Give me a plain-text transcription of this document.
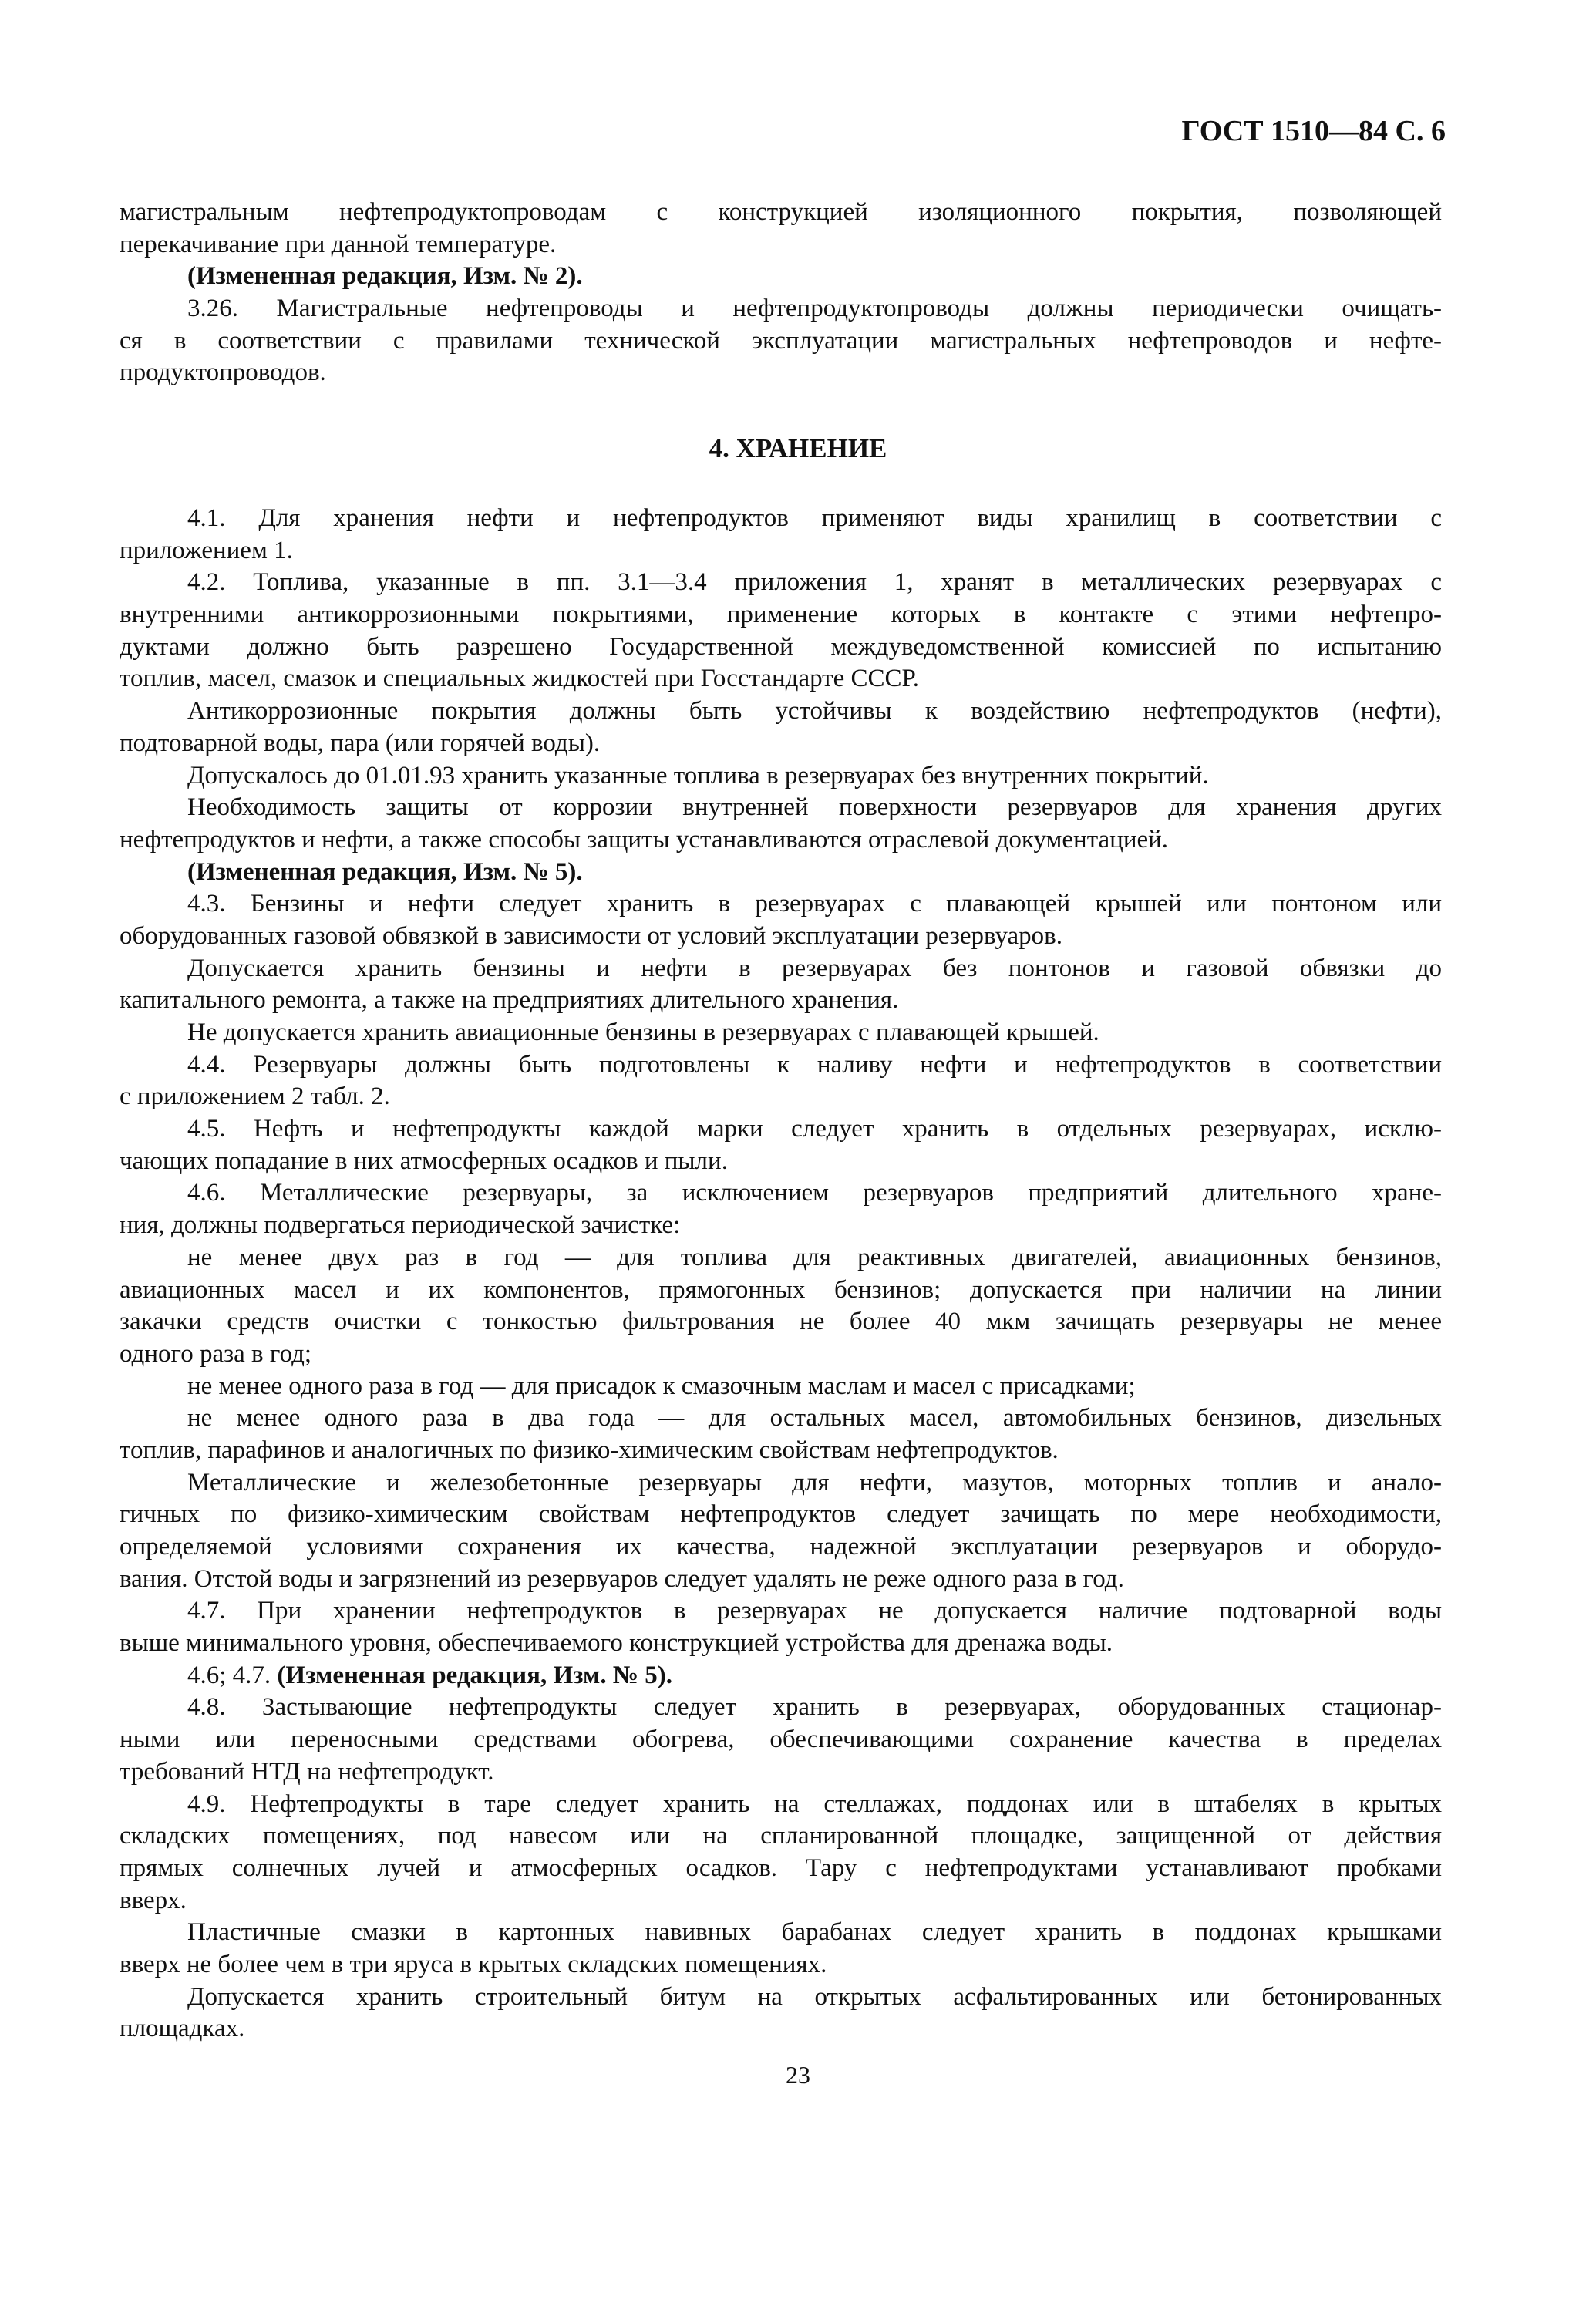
ГОСТ 1510—84 С. 6
магистральным нефтепродуктопроводам с конструкцией изоляционного покрытия, позволяющей
перекачивание при данной температуре.
(Измененная редакция, Изм. № 2).
3.26. Магистральные нефтепроводы и нефтепродуктопроводы должны периодически очищать-
ся в соответствии с правилами технической эксплуатации магистральных нефтепроводов и нефте-
продуктопроводов.
4. ХРАНЕНИЕ
4.1. Для хранения нефти и нефтепродуктов применяют виды хранилищ в соответствии с
приложением 1.
4.2. Топлива, указанные в пп. 3.1—3.4 приложения 1, хранят в металлических резервуарах с
внутренними антикоррозионными покрытиями, применение которых в контакте с этими нефтепро-
дуктами должно быть разрешено Государственной междуведомственной комиссией по испытанию
топлив, масел, смазок и специальных жидкостей при Госстандарте СССР.
Антикоррозионные покрытия должны быть устойчивы к воздействию нефтепродуктов (нефти),
подтоварной воды, пара (или горячей воды).
Допускалось до 01.01.93 хранить указанные топлива в резервуарах без внутренних покрытий.
Необходимость защиты от коррозии внутренней поверхности резервуаров для хранения других
нефтепродуктов и нефти, а также способы защиты устанавливаются отраслевой документацией.
(Измененная редакция, Изм. № 5).
4.3. Бензины и нефти следует хранить в резервуарах с плавающей крышей или понтоном или
оборудованных газовой обвязкой в зависимости от условий эксплуатации резервуаров.
Допускается хранить бензины и нефти в резервуарах без понтонов и газовой обвязки до
капитального ремонта, а также на предприятиях длительного хранения.
Не допускается хранить авиационные бензины в резервуарах с плавающей крышей.
4.4. Резервуары должны быть подготовлены к наливу нефти и нефтепродуктов в соответствии
с приложением 2 табл. 2.
4.5. Нефть и нефтепродукты каждой марки следует хранить в отдельных резервуарах, исклю-
чающих попадание в них атмосферных осадков и пыли.
4.6. Металлические резервуары, за исключением резервуаров предприятий длительного хране-
ния, должны подвергаться периодической зачистке:
не менее двух раз в год — для топлива для реактивных двигателей, авиационных бензинов,
авиационных масел и их компонентов, прямогонных бензинов; допускается при наличии на линии
закачки средств очистки с тонкостью фильтрования не более 40 мкм зачищать резервуары не менее
одного раза в год;
не менее одного раза в год — для присадок к смазочным маслам и масел с присадками;
не менее одного раза в два года — для остальных масел, автомобильных бензинов, дизельных
топлив, парафинов и аналогичных по физико-химическим свойствам нефтепродуктов.
Металлические и железобетонные резервуары для нефти, мазутов, моторных топлив и анало-
гичных по физико-химическим свойствам нефтепродуктов следует зачищать по мере необходимости,
определяемой условиями сохранения их качества, надежной эксплуатации резервуаров и оборудо-
вания. Отстой воды и загрязнений из резервуаров следует удалять не реже одного раза в год.
4.7. При хранении нефтепродуктов в резервуарах не допускается наличие подтоварной воды
выше минимального уровня, обеспечиваемого конструкцией устройства для дренажа воды.
4.6; 4.7. (Измененная редакция, Изм. № 5).
4.8. Застывающие нефтепродукты следует хранить в резервуарах, оборудованных стационар-
ными или переносными средствами обогрева, обеспечивающими сохранение качества в пределах
требований НТД на нефтепродукт.
4.9. Нефтепродукты в таре следует хранить на стеллажах, поддонах или в штабелях в крытых
складских помещениях, под навесом или на спланированной площадке, защищенной от действия
прямых солнечных лучей и атмосферных осадков. Тару с нефтепродуктами устанавливают пробками
вверх.
Пластичные смазки в картонных навивных барабанах следует хранить в поддонах крышками
вверх не более чем в три яруса в крытых складских помещениях.
Допускается хранить строительный битум на открытых асфальтированных или бетонированных
площадках.
23
